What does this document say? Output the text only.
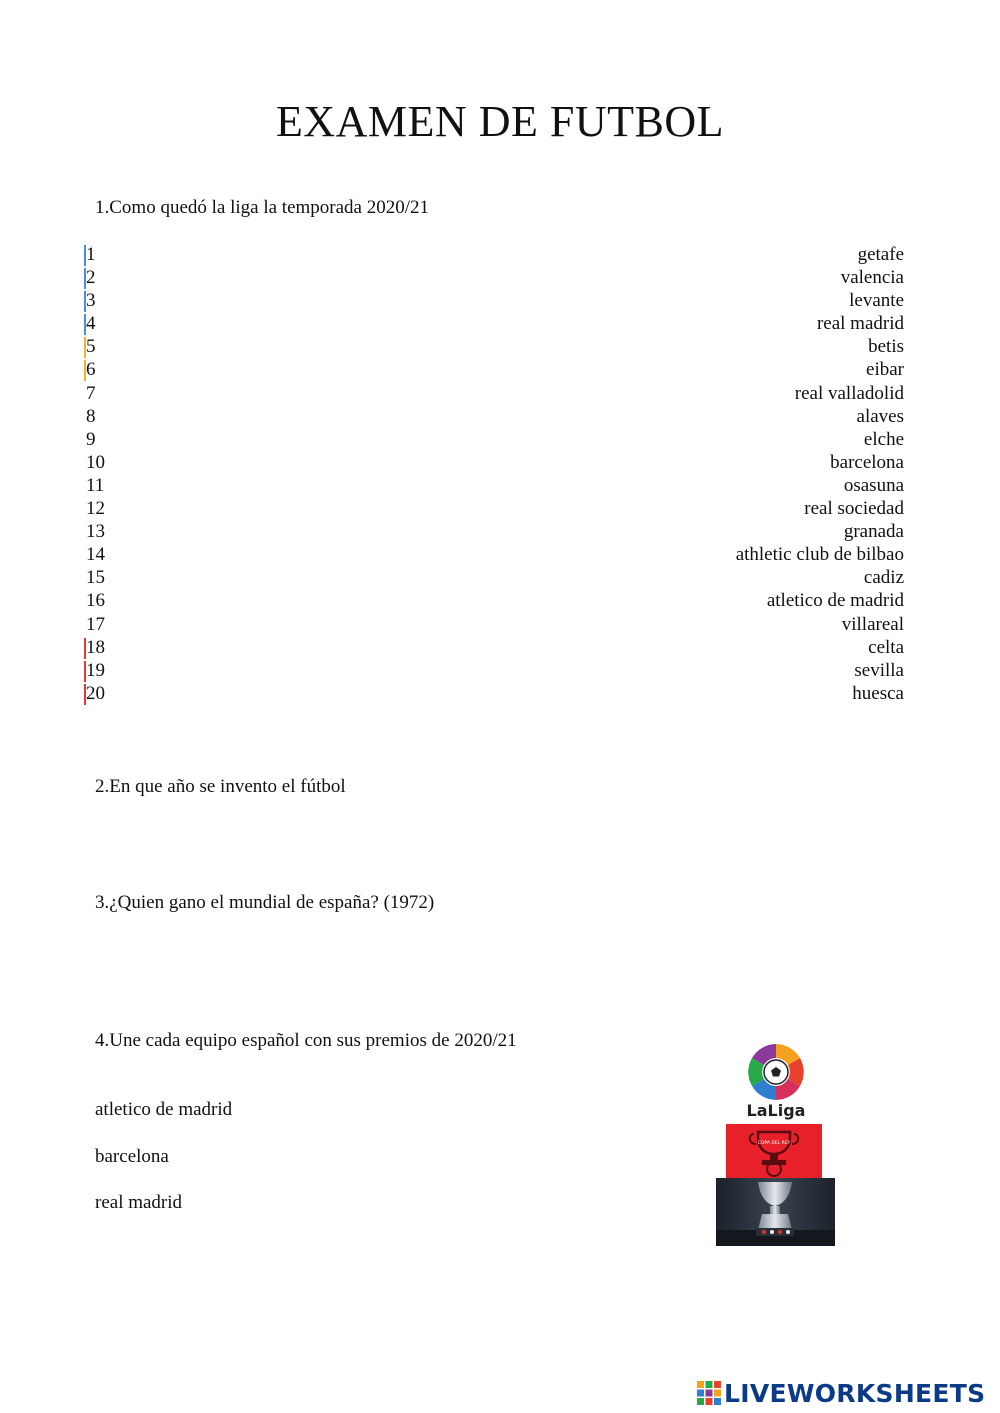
EXAMEN DE FUTBOL

1.Como quedó la liga la temporada 2020/21

1	getafe
2	valencia
3	levante
4	real madrid
5	betis
6	eibar
7	real valladolid
8	alaves
9	elche
10	barcelona
11	osasuna
12	real sociedad
13	granada
14	athletic club de bilbao
15	cadiz
16	atletico de madrid
17	villareal
18	celta
19	sevilla
20	huesca

2.En que año se invento el fútbol

3.¿Quien gano el mundial de españa? (1972)

4.Une cada equipo español con sus premios de 2020/21

atletico de madrid
barcelona
real madrid
LaLiga
COPA DEL REY
LIVEWORKSHEETS
